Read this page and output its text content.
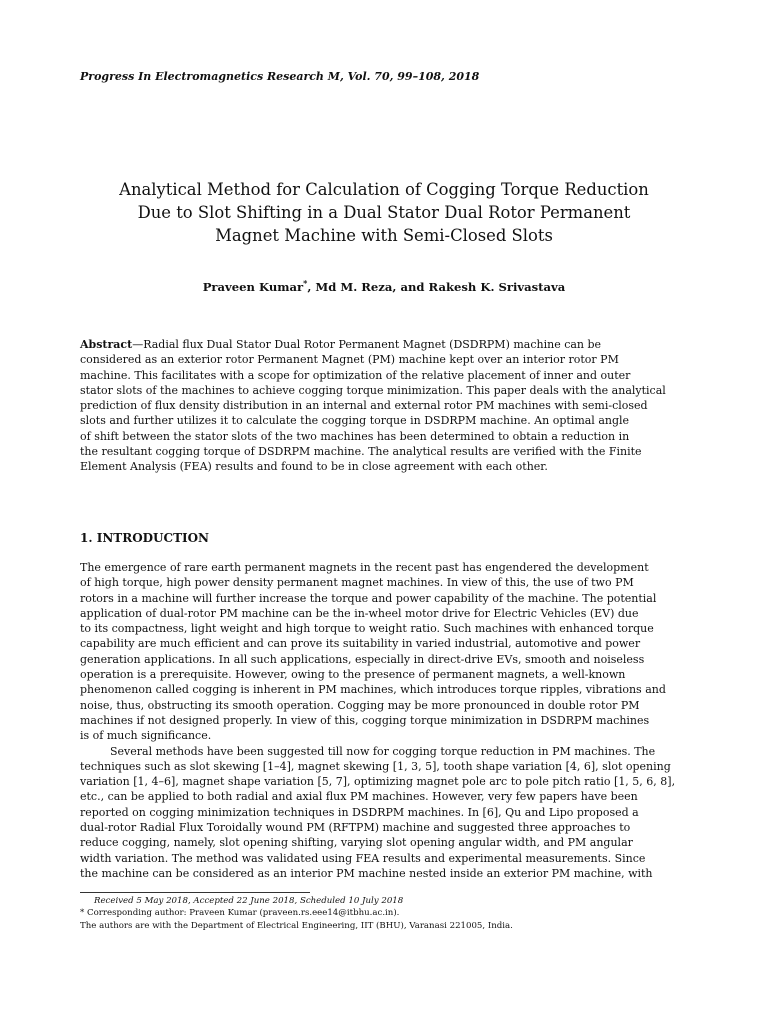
Progress In Electromagnetics Research M, Vol. 70, 99–108, 2018
Analytical Method for Calculation of Cogging Torque Reduction
Due to Slot Shifting in a Dual Stator Dual Rotor Permanent
Magnet Machine with Semi-Closed Slots
Praveen Kumar*, Md M. Reza, and Rakesh K. Srivastava
Abstract—Radial flux Dual Stator Dual Rotor Permanent Magnet (DSDRPM) machine can be
considered as an exterior rotor Permanent Magnet (PM) machine kept over an interior rotor PM
machine. This facilitates with a scope for optimization of the relative placement of inner and outer
stator slots of the machines to achieve cogging torque minimization. This paper deals with the analytical
prediction of flux density distribution in an internal and external rotor PM machines with semi-closed
slots and further utilizes it to calculate the cogging torque in DSDRPM machine. An optimal angle
of shift between the stator slots of the two machines has been determined to obtain a reduction in
the resultant cogging torque of DSDRPM machine. The analytical results are verified with the Finite
Element Analysis (FEA) results and found to be in close agreement with each other.
1. INTRODUCTION
The emergence of rare earth permanent magnets in the recent past has engendered the development
of high torque, high power density permanent magnet machines. In view of this, the use of two PM
rotors in a machine will further increase the torque and power capability of the machine. The potential
application of dual-rotor PM machine can be the in-wheel motor drive for Electric Vehicles (EV) due
to its compactness, light weight and high torque to weight ratio. Such machines with enhanced torque
capability are much efficient and can prove its suitability in varied industrial, automotive and power
generation applications. In all such applications, especially in direct-drive EVs, smooth and noiseless
operation is a prerequisite. However, owing to the presence of permanent magnets, a well-known
phenomenon called cogging is inherent in PM machines, which introduces torque ripples, vibrations and
noise, thus, obstructing its smooth operation. Cogging may be more pronounced in double rotor PM
machines if not designed properly. In view of this, cogging torque minimization in DSDRPM machines
is of much significance.
Several methods have been suggested till now for cogging torque reduction in PM machines. The
techniques such as slot skewing [1–4], magnet skewing [1, 3, 5], tooth shape variation [4, 6], slot opening
variation [1, 4–6], magnet shape variation [5, 7], optimizing magnet pole arc to pole pitch ratio [1, 5, 6, 8],
etc., can be applied to both radial and axial flux PM machines. However, very few papers have been
reported on cogging minimization techniques in DSDRPM machines. In [6], Qu and Lipo proposed a
dual-rotor Radial Flux Toroidally wound PM (RFTPM) machine and suggested three approaches to
reduce cogging, namely, slot opening shifting, varying slot opening angular width, and PM angular
width variation. The method was validated using FEA results and experimental measurements. Since
the machine can be considered as an interior PM machine nested inside an exterior PM machine, with
Received 5 May 2018, Accepted 22 June 2018, Scheduled 10 July 2018
* Corresponding author: Praveen Kumar (praveen.rs.eee14@itbhu.ac.in).
The authors are with the Department of Electrical Engineering, IIT (BHU), Varanasi 221005, India.
